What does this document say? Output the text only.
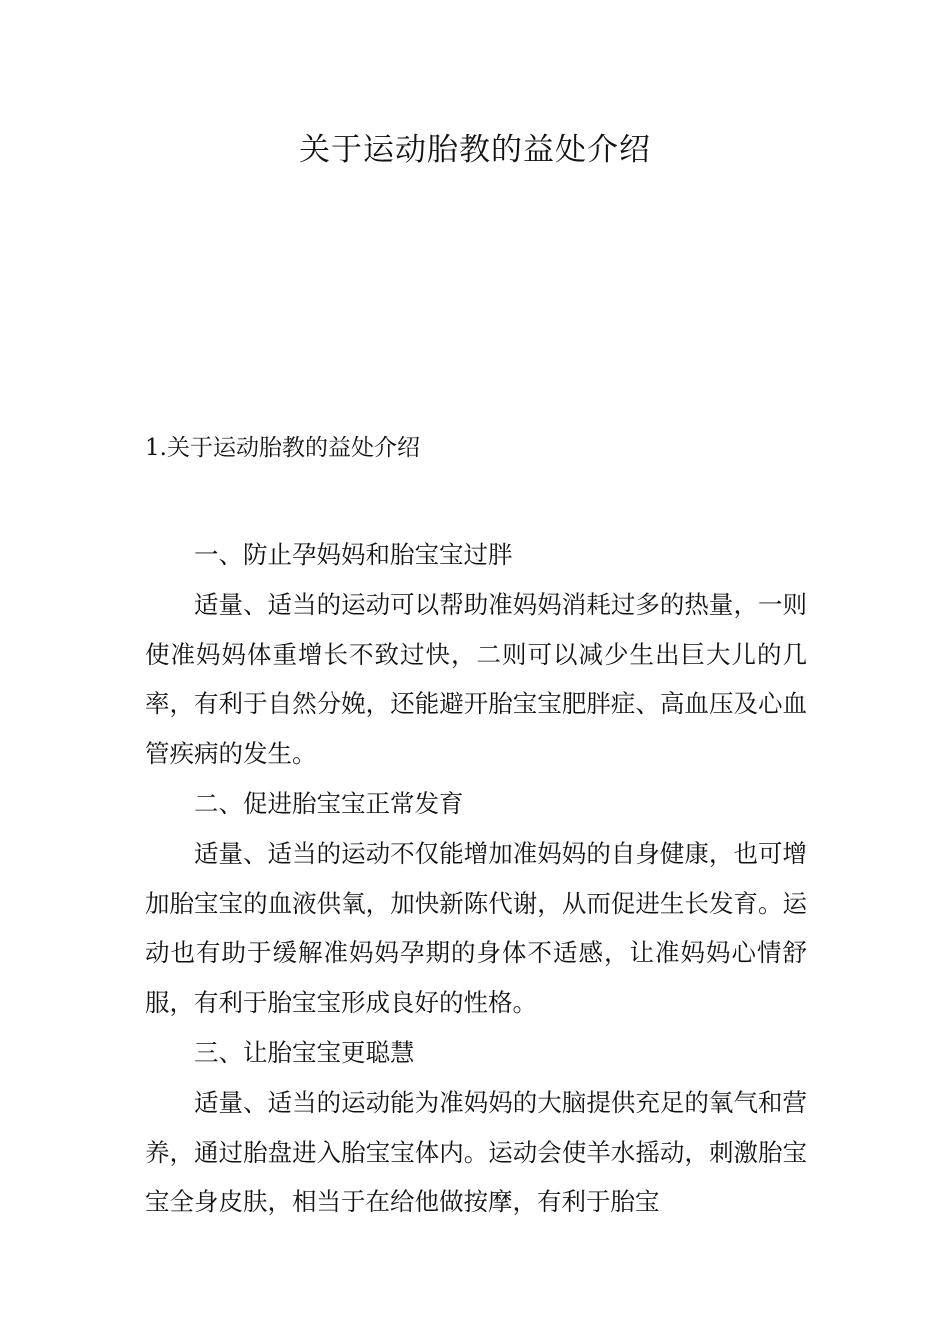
关于运动胎教的益处介绍
1.关于运动胎教的益处介绍
一、防止孕妈妈和胎宝宝过胖

适量、适当的运动可以帮助准妈妈消耗过多的热量，一则使准妈妈体重增长不致过快，二则可以减少生出巨大儿的几率，有利于自然分娩，还能避开胎宝宝肥胖症、高血压及心血管疾病的发生。

二、促进胎宝宝正常发育

适量、适当的运动不仅能增加准妈妈的自身健康，也可增加胎宝宝的血液供氧，加快新陈代谢，从而促进生长发育。运动也有助于缓解准妈妈孕期的身体不适感，让准妈妈心情舒服，有利于胎宝宝形成良好的性格。

三、让胎宝宝更聪慧

适量、适当的运动能为准妈妈的大脑提供充足的氧气和营养，通过胎盘进入胎宝宝体内。运动会使羊水摇动，刺激胎宝宝全身皮肤，相当于在给他做按摩，有利于胎宝
